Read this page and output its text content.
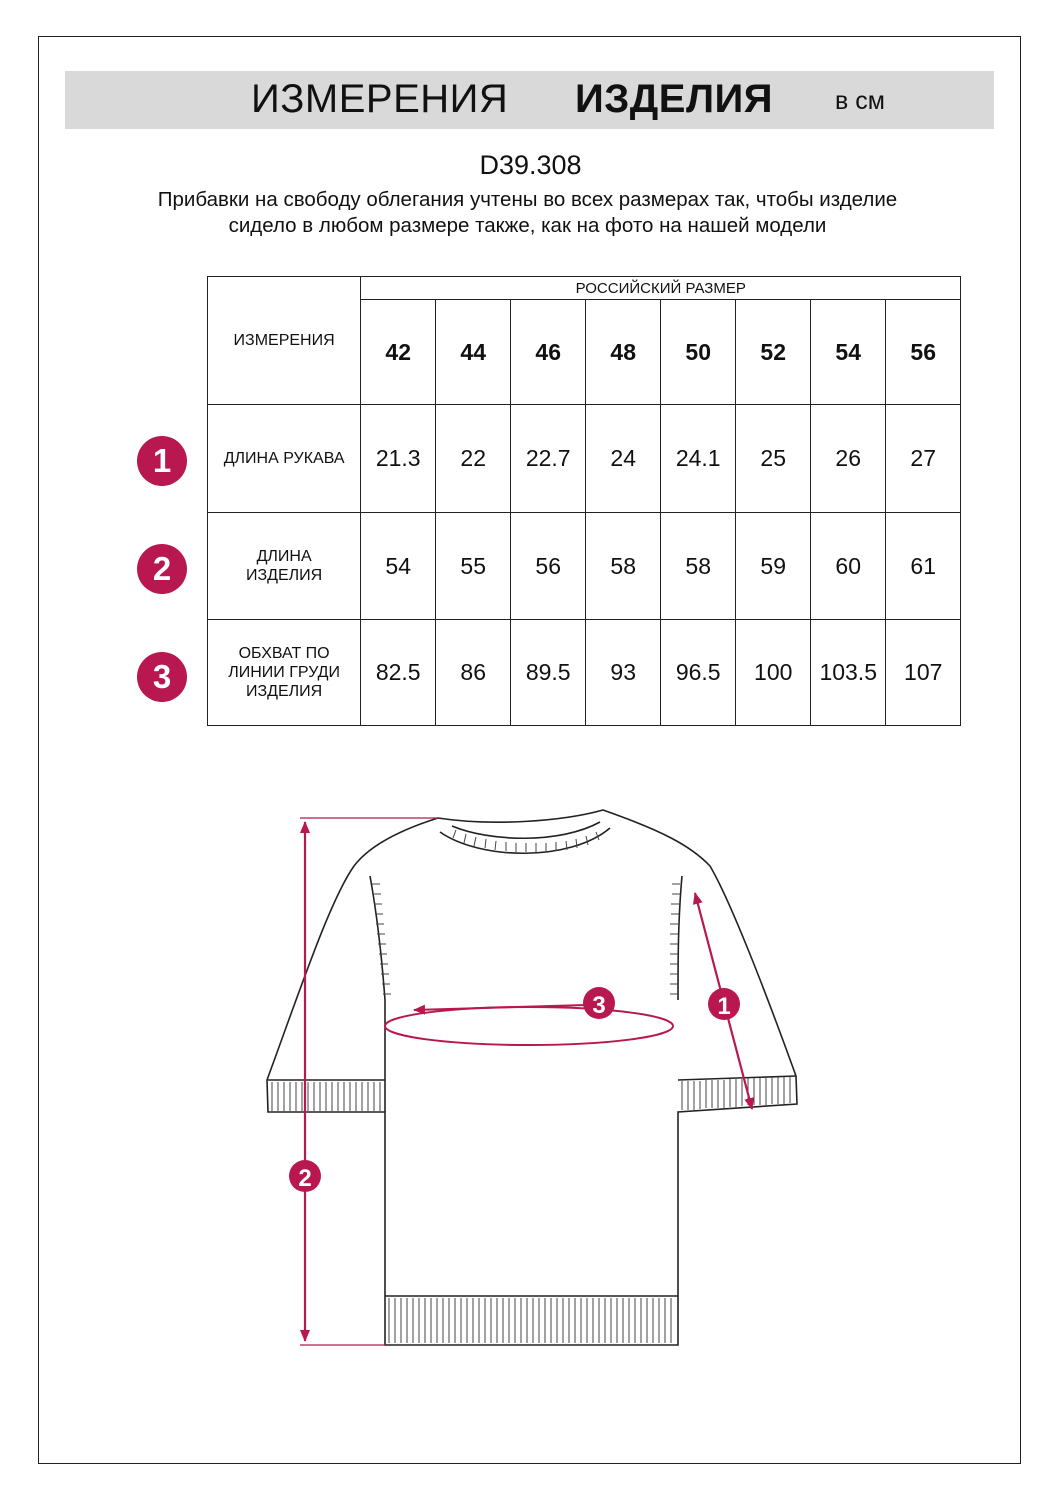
ИЗМЕРЕНИЯ ИЗДЕЛИЯ в см
D39.308
Прибавки на свободу облегания учтены во всех размерах так, чтобы изделие сидело в любом размере также, как на фото на нашей модели
ИЗМЕРЕНИЯ	РОССИЙСКИЙ РАЗМЕР							
	42	44	46	48	50	52	54	56
ДЛИНА РУКАВА	21.3	22	22.7	24	24.1	25	26	27
ДЛИНА ИЗДЕЛИЯ	54	55	56	58	58	59	60	61
ОБХВАТ ПО ЛИНИИ ГРУДИ ИЗДЕЛИЯ	82.5	86	89.5	93	96.5	100	103.5	107
1
2
3
1
2
3
